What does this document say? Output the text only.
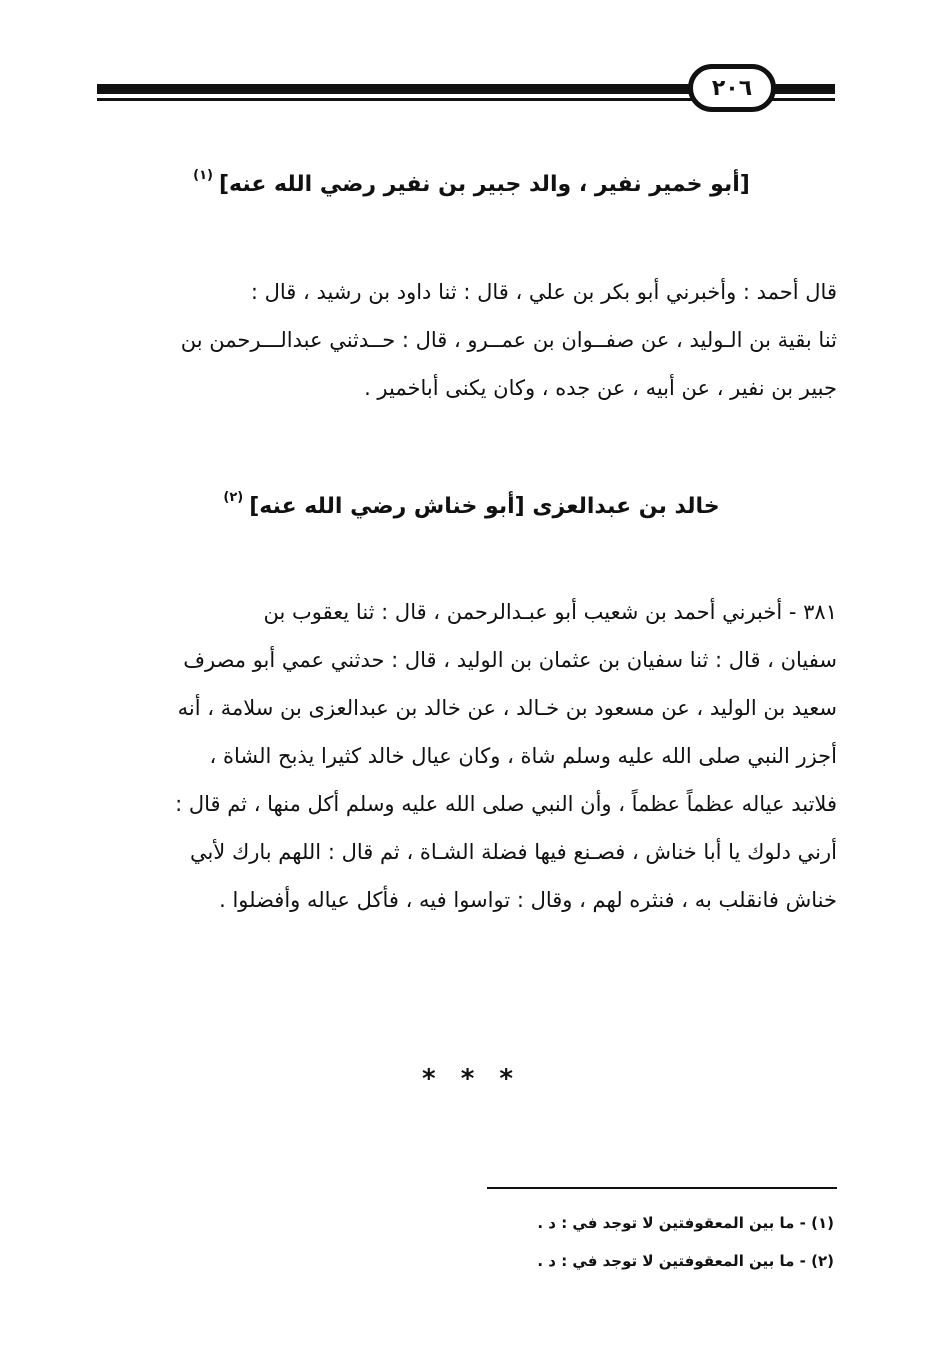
٢٠٦
[أبو خمير نفير ، والد جبير بن نفير رضي الله عنه]$^{(١)}$
قال أحمد : وأخبرني أبو بكر بن علي ، قال : ثنا داود بن رشيد ، قال :
ثنا بقية بن الـوليد ، عن صفــوان بن عمــرو ، قال : حــدثني عبدالـــرحمن بن
جبير بن نفير ، عن أبيه ، عن جده ، وكان يكنى أباخمير .
خالد بن عبدالعزى [أبو خناش رضي الله عنه]$^{(٢)}$
٣٨١ - أخبرني أحمد بن شعيب أبو عبـدالرحمن ، قال : ثنا يعقوب بن
سفيان ، قال : ثنا سفيان بن عثمان بن الوليد ، قال : حدثني عمي أبو مصرف
سعيد بن الوليد ، عن مسعود بن خـالد ، عن خالد بن عبدالعزى بن سلامة ، أنه
أجزر النبي صلى الله عليه وسلم شاة ، وكان عيال خالد كثيرا يذبح الشاة ،
فلاتبد عياله عظماً عظماً ، وأن النبي صلى الله عليه وسلم أكل منها ، ثم قال :
أرني دلوك يا أبا خناش ، فصـنع فيها فضلة الشـاة ، ثم قال : اللهم بارك لأبي
خناش فانقلب به ، فنثره لهم ، وقال : تواسوا فيه ، فأكل عياله وأفضلوا .
* * *
(١) - ما بين المعقوفتين لا توجد في : د .
(٢) - ما بين المعقوفتين لا توجد في : د .
